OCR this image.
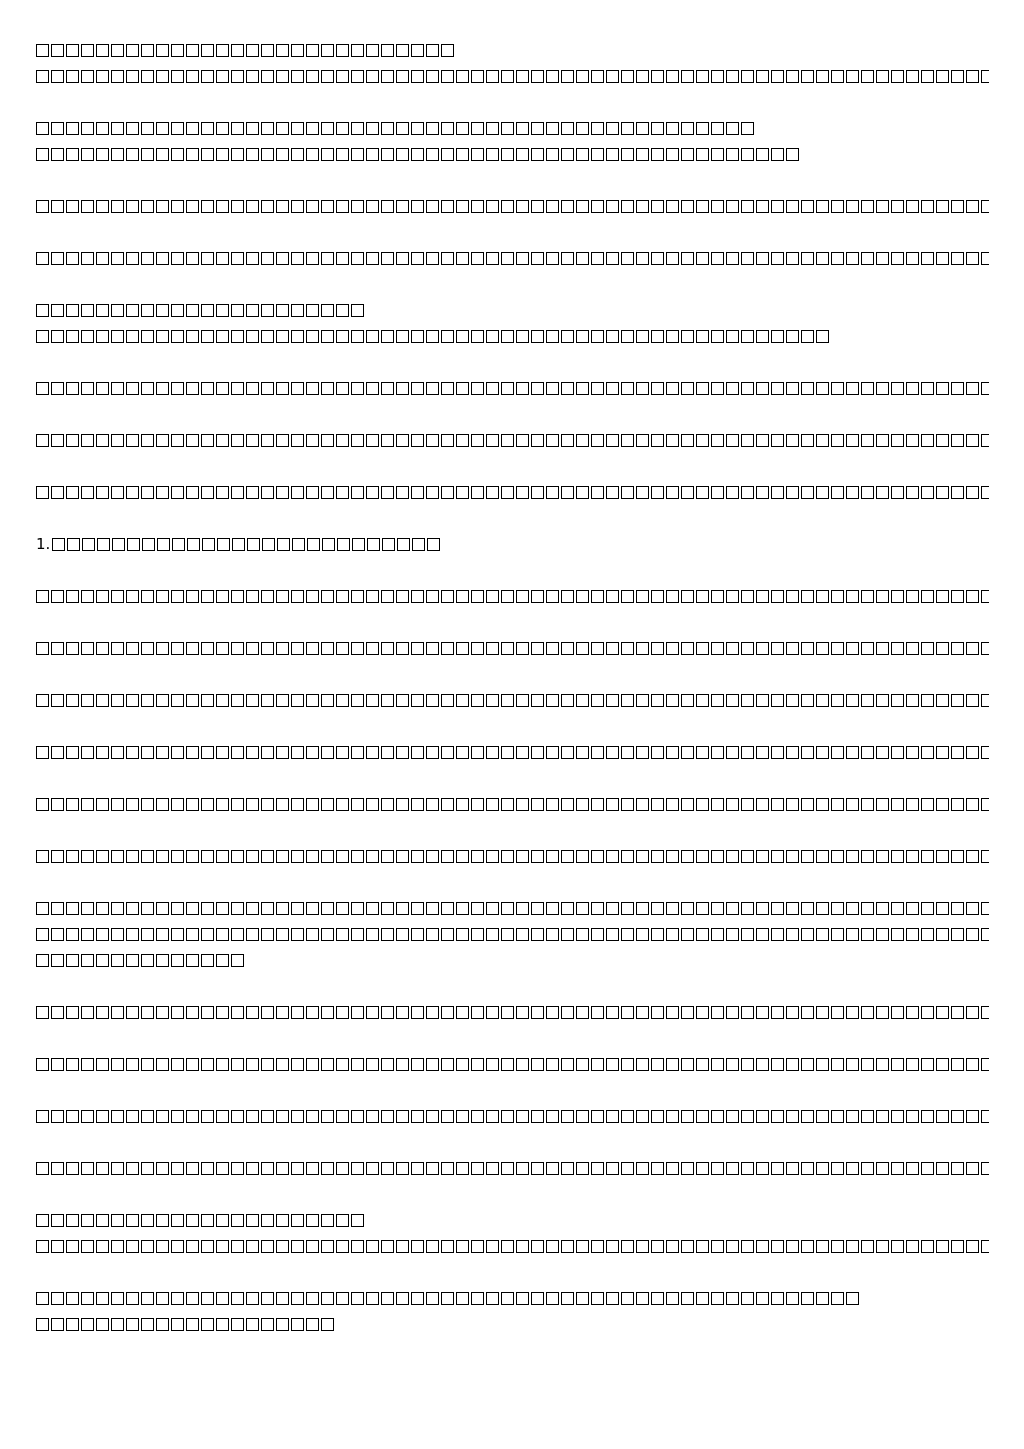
1.
